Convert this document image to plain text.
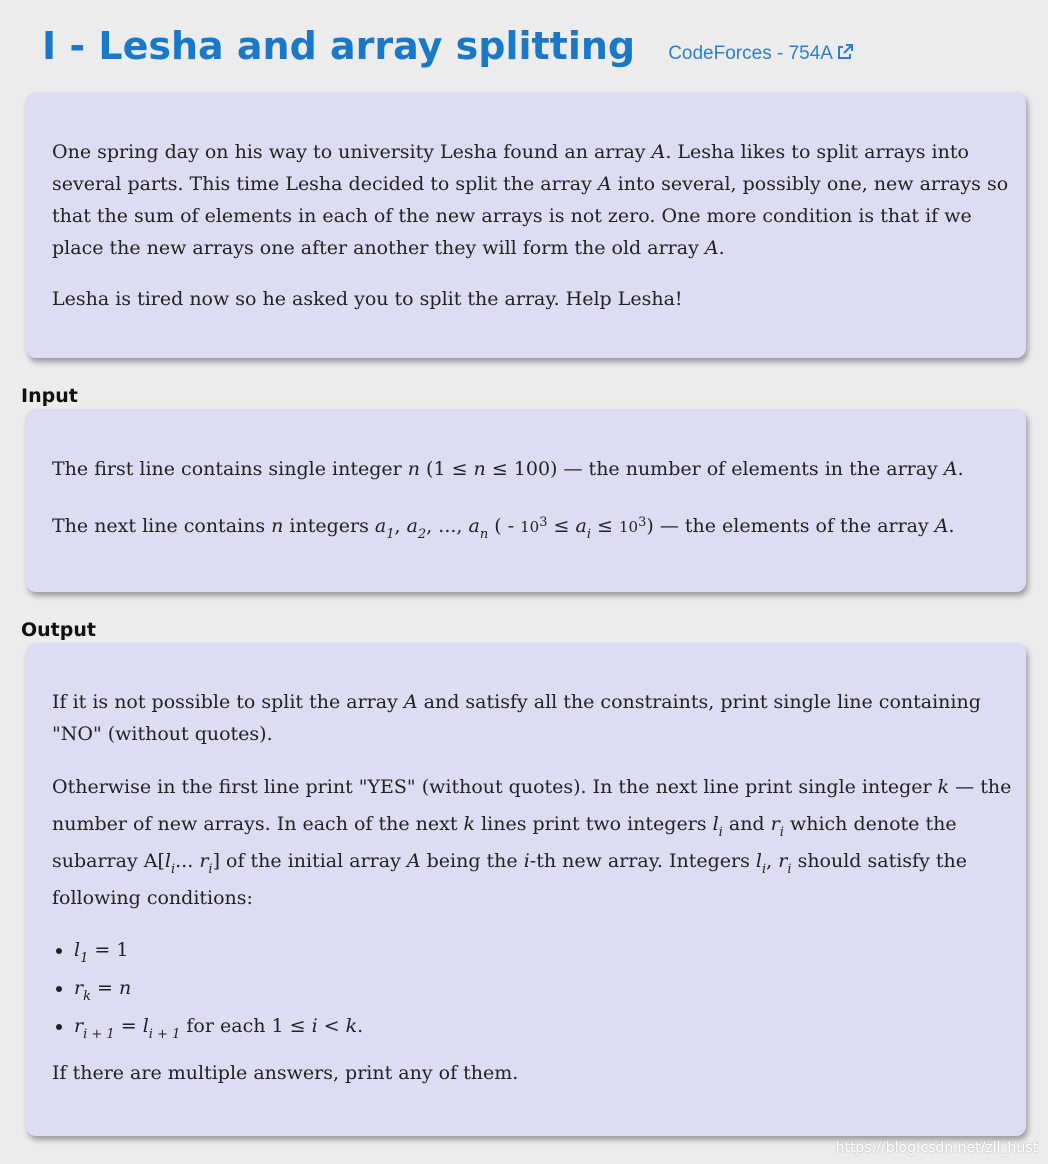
I - Lesha and array splitting CodeForces - 754A

One spring day on his way to university Lesha found an array A. Lesha likes to split arrays into several parts. This time Lesha decided to split the array A into several, possibly one, new arrays so that the sum of elements in each of the new arrays is not zero. One more condition is that if we place the new arrays one after another they will form the old array A.

Lesha is tired now so he asked you to split the array. Help Lesha!

Input

The first line contains single integer n (1 ≤ n ≤ 100) — the number of elements in the array A.

The next line contains n integers $a_1$, $a_2$, ..., $a_n$ ( - $10^3 \le a_i \le 10^3$) — the elements of the array A.

Output

If it is not possible to split the array A and satisfy all the constraints, print single line containing "NO" (without quotes).

Otherwise in the first line print "YES" (without quotes). In the next line print single integer k — the number of new arrays. In each of the next k lines print two integers $l_i$ and $r_i$ which denote the subarray $A[l_i$... $r_i$] of the initial array A being the i-th new array. Integers $l_i$, $r_i$ should satisfy the following conditions:

• $l_1 = 1$
• $r_k = n$
• $r_{i + 1} = l_{i + 1}$ for each 1 ≤ i < k.

If there are multiple answers, print any of them.

https://blog.csdn.net/zll_hust
